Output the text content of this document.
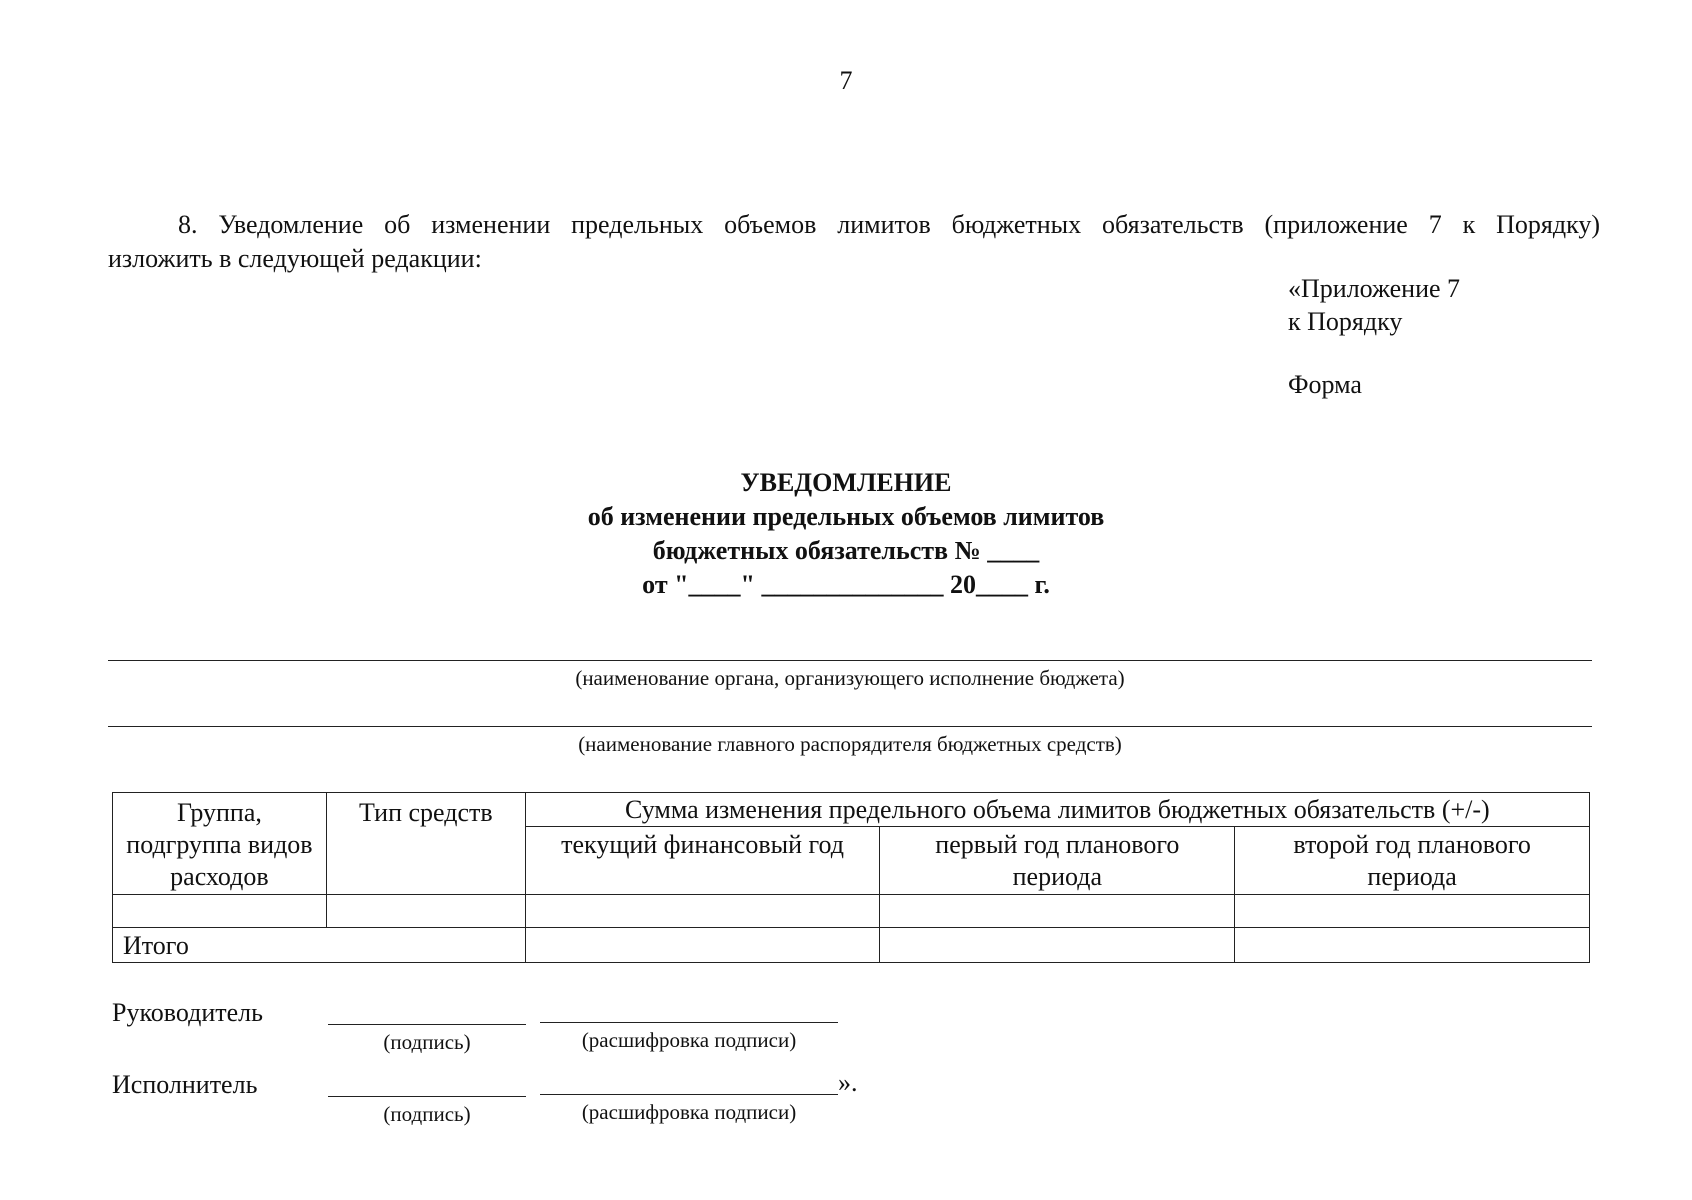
7
8. Уведомление об изменении предельных объемов лимитов бюджетных обязательств (приложение 7 к Порядку)
изложить в следующей редакции:
«Приложение 7
к Порядку
Форма
УВЕДОМЛЕНИЕ
об изменении предельных объемов лимитов
бюджетных обязательств № ____
от "____" ______________ 20____ г.
(наименование органа, организующего исполнение бюджета)
(наименование главного распорядителя бюджетных средств)
Группа, подгруппа видов расходов	Тип средств	Сумма изменения предельного объема лимитов бюджетных обязательств (+/-)		
		текущий финансовый год	первый год планового периода	второй год планового периода

Итого				
Руководитель
(подпись)	(расшифровка подписи)
Исполнитель	».
(подпись)	(расшифровка подписи)
